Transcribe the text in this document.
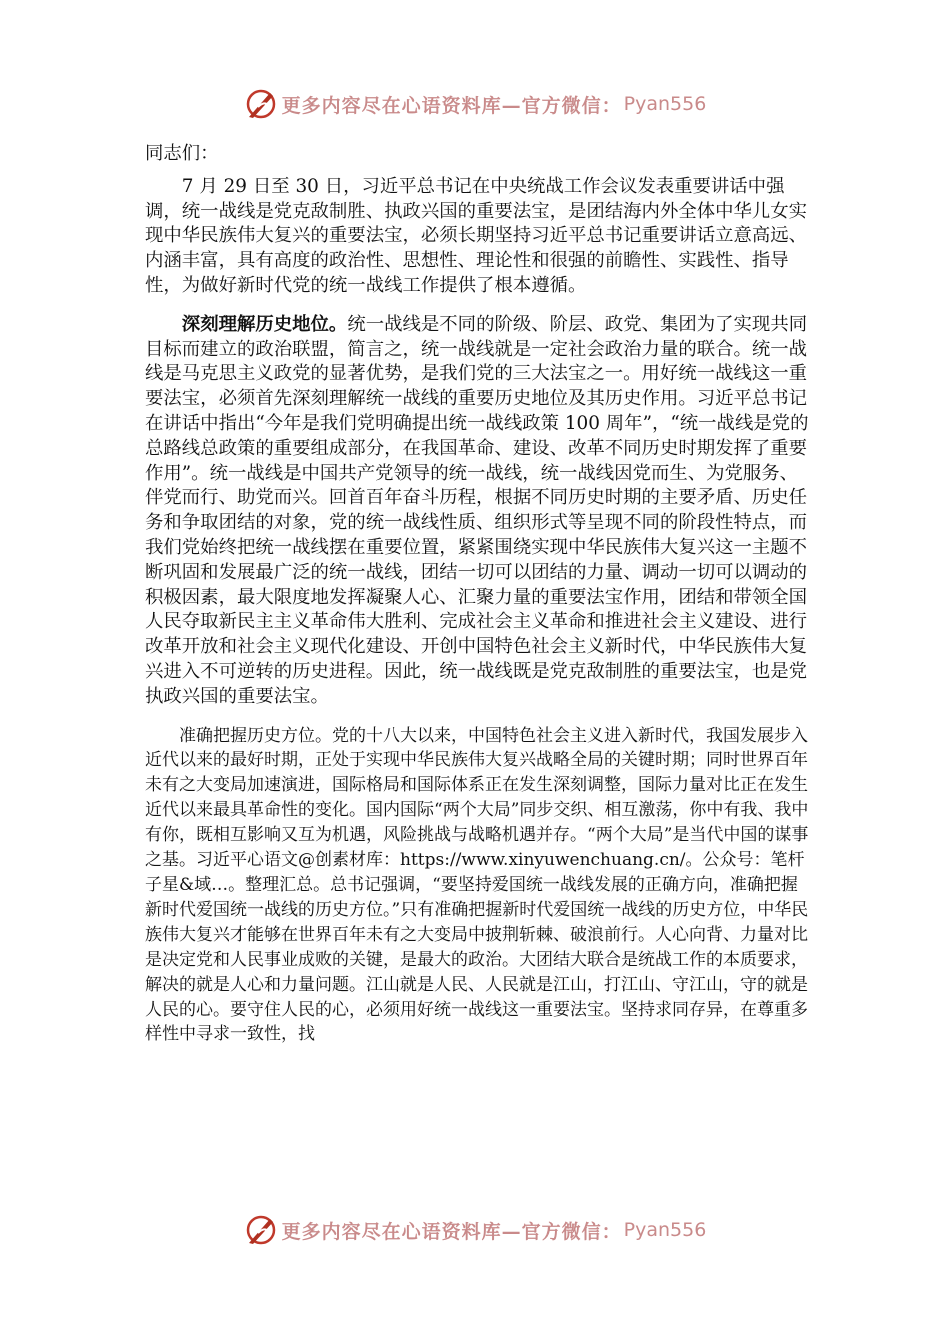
更多内容尽在心语资料库—官方微信： Pyan556

同志们：

7 月 29 日至 30 日，习近平总书记在中央统战工作会议发表重要讲话中强调，统一战线是党克敌制胜、执政兴国的重要法宝，是团结海内外全体中华儿女实现中华民族伟大复兴的重要法宝，必须长期坚持习近平总书记重要讲话立意高远、内涵丰富，具有高度的政治性、思想性、理论性和很强的前瞻性、实践性、指导性，为做好新时代党的统一战线工作提供了根本遵循。

深刻理解历史地位。统一战线是不同的阶级、阶层、政党、集团为了实现共同目标而建立的政治联盟，简言之，统一战线就是一定社会政治力量的联合。统一战线是马克思主义政党的显著优势，是我们党的三大法宝之一。用好统一战线这一重要法宝，必须首先深刻理解统一战线的重要历史地位及其历史作用。习近平总书记在讲话中指出“今年是我们党明确提出统一战线政策 100 周年”，“统一战线是党的总路线总政策的重要组成部分，在我国革命、建设、改革不同历史时期发挥了重要作用”。统一战线是中国共产党领导的统一战线，统一战线因党而生、为党服务、伴党而行、助党而兴。回首百年奋斗历程，根据不同历史时期的主要矛盾、历史任务和争取团结的对象，党的统一战线性质、组织形式等呈现不同的阶段性特点，而我们党始终把统一战线摆在重要位置，紧紧围绕实现中华民族伟大复兴这一主题不断巩固和发展最广泛的统一战线，团结一切可以团结的力量、调动一切可以调动的积极因素，最大限度地发挥凝聚人心、汇聚力量的重要法宝作用，团结和带领全国人民夺取新民主主义革命伟大胜利、完成社会主义革命和推进社会主义建设、进行改革开放和社会主义现代化建设、开创中国特色社会主义新时代，中华民族伟大复兴进入不可逆转的历史进程。因此，统一战线既是党克敌制胜的重要法宝，也是党执政兴国的重要法宝。

准确把握历史方位。党的十八大以来，中国特色社会主义进入新时代，我国发展步入近代以来的最好时期，正处于实现中华民族伟大复兴战略全局的关键时期；同时世界百年未有之大变局加速演进，国际格局和国际体系正在发生深刻调整，国际力量对比正在发生近代以来最具革命性的变化。国内国际“两个大局”同步交织、相互激荡，你中有我、我中有你，既相互影响又互为机遇，风险挑战与战略机遇并存。“两个大局”是当代中国的谋事之基。习近平心语文@创素材库：https://www.xinyuwenchuang.cn/。公众号：笔杆子星&域…。整理汇总。总书记强调，“要坚持爱国统一战线发展的正确方向，准确把握新时代爱国统一战线的历史方位。”只有准确把握新时代爱国统一战线的历史方位，中华民族伟大复兴才能够在世界百年未有之大变局中披荆斩棘、破浪前行。人心向背、力量对比是决定党和人民事业成败的关键，是最大的政治。大团结大联合是统战工作的本质要求，解决的就是人心和力量问题。江山就是人民、人民就是江山，打江山、守江山，守的就是人民的心。要守住人民的心，必须用好统一战线这一重要法宝。坚持求同存异，在尊重多样性中寻求一致性，找

更多内容尽在心语资料库—官方微信： Pyan556
